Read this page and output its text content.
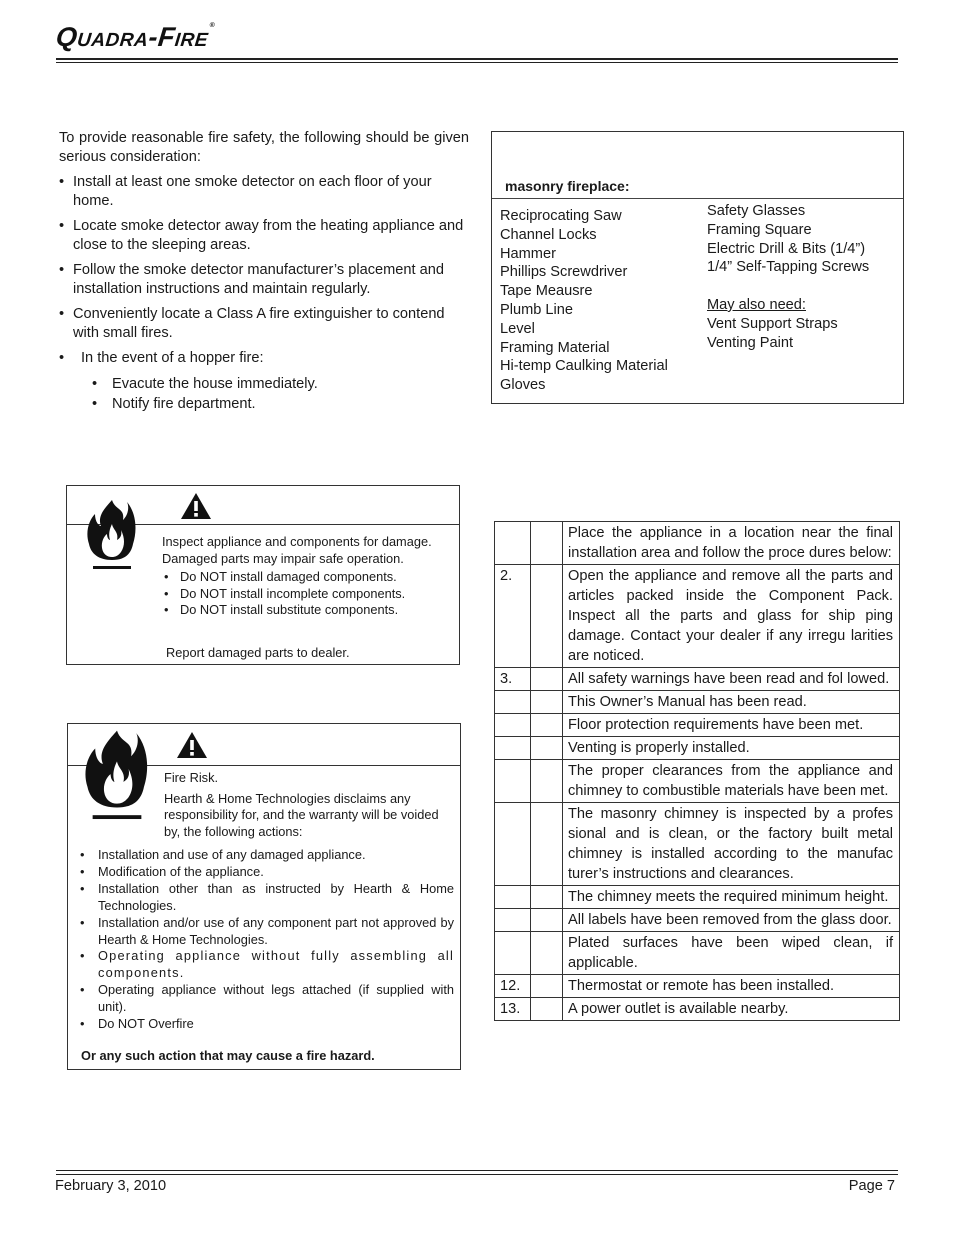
Quadra-Fire®

To provide reasonable fire safety, the following should be given serious consideration:

• Install at least one smoke detector on each floor of your home.
• Locate smoke detector away from the heating appliance and close to the sleeping areas.
• Follow the smoke detector manufacturer’s placement and installation instructions and maintain regularly.
• Conveniently locate a Class A fire extinguisher to contend with small fires.
• In the event of a hopper fire:
• Evacute the house immediately.
• Notify fire department.
masonry fireplace:
Reciprocating Saw
Channel Locks
Hammer
Phillips Screwdriver
Tape Meausre
Plumb Line
Level
Framing Material
Hi-temp Caulking Material
Gloves
Safety Glasses
Framing Square
Electric Drill & Bits (1/4”)
1/4” Self-Tapping Screws
May also need:
Vent Support Straps
Venting Paint

Inspect appliance and components for damage. Damaged parts may impair safe operation.

• Do NOT install damaged components.
• Do NOT install incomplete components.
• Do NOT install substitute components.
Report damaged parts to dealer.

Fire Risk.

Hearth & Home Technologies disclaims any responsibility for, and the warranty will be voided by, the following actions:

• Installation and use of any damaged appliance.
• Modification of the appliance.
• Installation other than as instructed by Hearth & Home Technologies.
• Installation and/or use of any component part not approved by Hearth & Home Technologies.
• Operating appliance without fully assembling all components.
• Operating appliance without legs attached (if supplied with unit).
• Do NOT Overfire
Or any such action that may cause a fire hazard.
		Place the appliance in a location near the final installation area and follow the proce dures below:
2.		Open the appliance and remove all the parts and articles packed inside the Component Pack. Inspect all the parts and glass for ship ping damage. Contact your dealer if any irregu larities are noticed.
3.		All safety warnings have been read and fol lowed.
		This Owner’s Manual has been read.
		Floor protection requirements have been met.
		Venting is properly installed.
		The proper clearances from the appliance and chimney to combustible materials have been met.
		The masonry chimney is inspected by a profes sional and is clean, or the factory built metal chimney is installed according to the manufac turer’s instructions and clearances.
		The chimney meets the required minimum height.
		All labels have been removed from the glass door.
		Plated surfaces have been wiped clean, if applicable.
12.		Thermostat or remote has been installed.
13.		A power outlet is available nearby.
February 3, 2010	Page 7
